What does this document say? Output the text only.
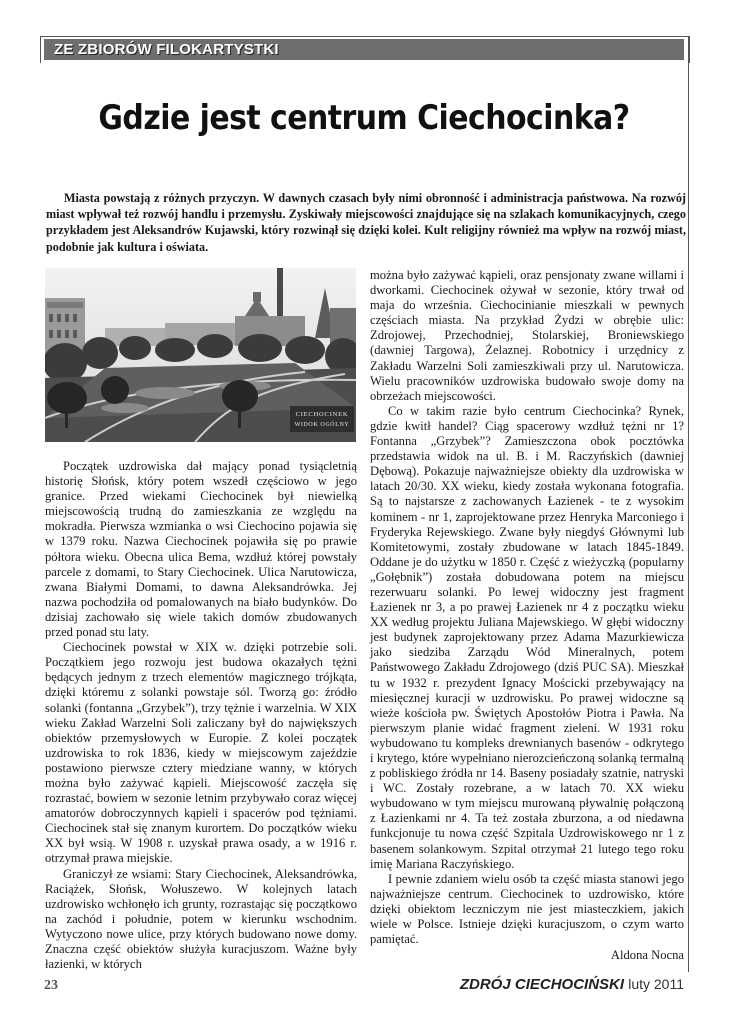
ZE ZBIORÓW FILOKARTYSTKI
Gdzie jest centrum Ciechocinka?

Miasta powstają z różnych przyczyn. W dawnych czasach były nimi obronność i administracja państwowa. Na rozwój miast wpływał też rozwój handlu i przemysłu. Zyskiwały miejscowości znajdujące się na szlakach komunikacyjnych, czego przykładem jest Aleksandrów Kujawski, który rozwinął się dzięki kolei. Kult religijny również ma wpływ na rozwój miast, podobnie jak kultura i oświata.

CIECHOCINEK
WIDOK OGÓLNY

Początek uzdrowiska dał mający ponad tysiącletnią historię Słońsk, który potem wszedł częściowo w jego granice. Przed wiekami Ciechocinek był niewielką miejscowością trudną do zamieszkania ze względu na mokradła. Pierwsza wzmianka o wsi Ciechocino pojawia się w 1379 roku. Nazwa Ciechocinek pojawiła się po prawie półtora wieku. Obecna ulica Bema, wzdłuż której powstały parcele z domami, to Stary Ciechocinek. Ulica Narutowicza, zwana Białymi Domami, to dawna Aleksandrówka. Jej nazwa pochodziła od pomalowanych na biało budynków. Do dzisiaj zachowało się wiele takich domów zbudowanych przed ponad stu laty.

Ciechocinek powstał w XIX w. dzięki potrzebie soli. Początkiem jego rozwoju jest budowa okazałych tężni będących jednym z trzech elementów magicznego trójkąta, dzięki któremu z solanki powstaje sól. Tworzą go: źródło solanki (fontanna „Grzybek”), trzy tężnie i warzelnia. W XIX wieku Zakład Warzelni Soli zaliczany był do największych obiektów przemysłowych w Europie. Z kolei początek uzdrowiska to rok 1836, kiedy w miejscowym zajeździe postawiono pierwsze cztery miedziane wanny, w których można było zażywać kąpieli. Miejscowość zaczęła się rozrastać, bowiem w sezonie letnim przybywało coraz więcej amatorów dobroczynnych kąpieli i spacerów pod tężniami. Ciechocinek stał się znanym kurortem. Do początków wieku XX był wsią. W 1908 r. uzyskał prawa osady, a w 1916 r. otrzymał prawa miejskie.

Graniczył ze wsiami: Stary Ciechocinek, Aleksandrówka, Raciążek, Słońsk, Wołuszewo. W kolejnych latach uzdrowisko wchłonęło ich grunty, rozrastając się początkowo na zachód i południe, potem w kierunku wschodnim. Wytyczono nowe ulice, przy których budowano nowe domy. Znaczna część obiektów służyła kuracjuszom. Ważne były łazienki, w których

można było zażywać kąpieli, oraz pensjonaty zwane willami i dworkami. Ciechocinek ożywał w sezonie, który trwał od maja do września. Ciechocinianie mieszkali w pewnych częściach miasta. Na przykład Żydzi w obrębie ulic: Zdrojowej, Przechodniej, Stolarskiej, Broniewskiego (dawniej Targowa), Żelaznej. Robotnicy i urzędnicy z Zakładu Warzelni Soli zamieszkiwali przy ul. Narutowicza. Wielu pracowników uzdrowiska budowało swoje domy na obrzeżach miejscowości.

Co w takim razie było centrum Ciechocinka? Rynek, gdzie kwitł handel? Ciąg spacerowy wzdłuż tężni nr 1? Fontanna „Grzybek”? Zamieszczona obok pocztówka przedstawia widok na ul. B. i M. Raczyńskich (dawniej Dębową). Pokazuje najważniejsze obiekty dla uzdrowiska w latach 20/30. XX wieku, kiedy została wykonana fotografia. Są to najstarsze z zachowanych Łazienek - te z wysokim kominem - nr 1, zaprojektowane przez Henryka Marconiego i Fryderyka Rejewskiego. Zwane były niegdyś Głównymi lub Komitetowymi, zostały zbudowane w latach 1845-1849. Oddane je do użytku w 1850 r. Część z wieżyczką (popularny „Gołębnik”) została dobudowana potem na miejscu rezerwuaru solanki. Po lewej widoczny jest fragment Łazienek nr 3, a po prawej Łazienek nr 4 z początku wieku XX według projektu Juliana Majewskiego. W głębi widoczny jest budynek zaprojektowany przez Adama Mazurkiewicza jako siedziba Zarządu Wód Mineralnych, potem Państwowego Zakładu Zdrojowego (dziś PUC SA). Mieszkał tu w 1932 r. prezydent Ignacy Mościcki przebywający na miesięcznej kuracji w uzdrowisku. Po prawej widoczne są wieże kościoła pw. Świętych Apostołów Piotra i Pawła. Na pierwszym planie widać fragment zieleni. W 1931 roku wybudowano tu kompleks drewnianych basenów - odkrytego i krytego, które wypełniano nierozcieńczoną solanką termalną z pobliskiego źródła nr 14. Baseny posiadały szatnie, natryski i WC. Zostały rozebrane, a w latach 70. XX wieku wybudowano w tym miejscu murowaną pływalnię połączoną z Łazienkami nr 4. Ta też została zburzona, a od niedawna funkcjonuje tu nowa część Szpitala Uzdrowiskowego nr 1 z basenem solankowym. Szpital otrzymał 21 lutego tego roku imię Mariana Raczyńskiego.

I pewnie zdaniem wielu osób ta część miasta stanowi jego najważniejsze centrum. Ciechocinek to uzdrowisko, które dzięki obiektom leczniczym nie jest miasteczkiem, jakich wiele w Polsce. Istnieje dzięki kuracjuszom, o czym warto pamiętać.

Aldona Nocna

23	ZDRÓJ CIECHOCIŃSKI luty 2011
